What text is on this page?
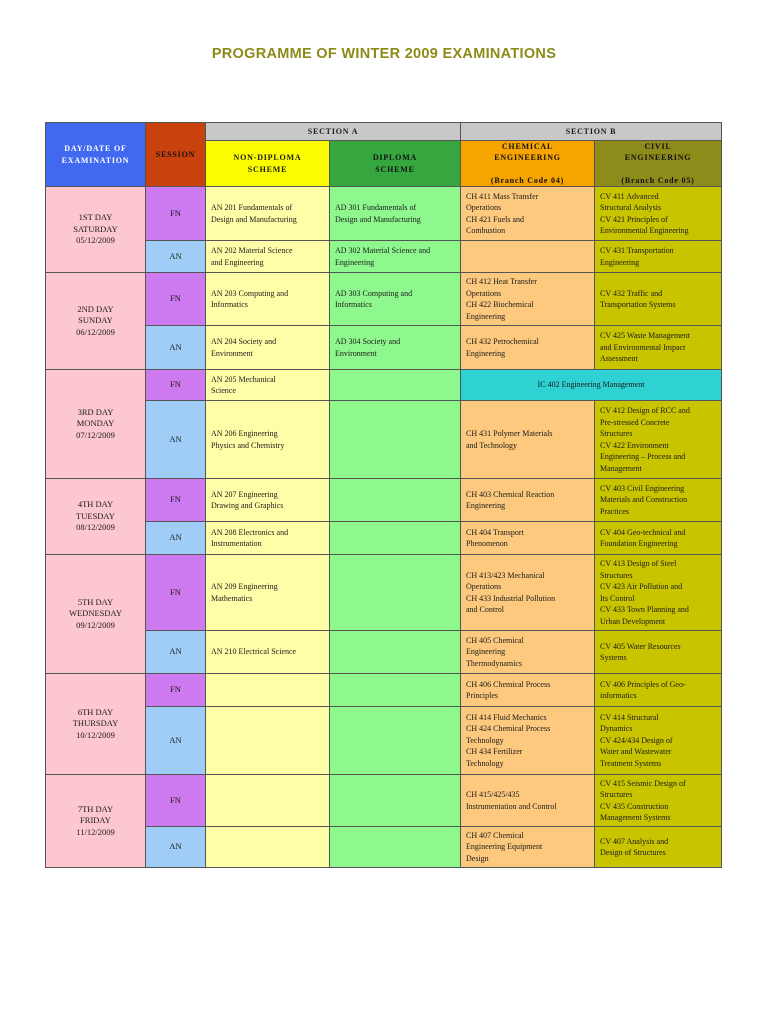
PROGRAMME OF WINTER 2009 EXAMINATIONS
DAY/DATE OF
EXAMINATION
SESSION
SECTION A	SECTION B
NON-DIPLOMA
SCHEME
DIPLOMA
SCHEME
CHEMICAL
ENGINEERING

(Branch Code 04)
CIVIL
ENGINEERING

(Branch Code 05)
1ST DAY
SATURDAY
05/12/2009
2ND DAY
SUNDAY
06/12/2009
3RD DAY
MONDAY
07/12/2009
4TH DAY
TUESDAY
08/12/2009
5TH DAY
WEDNESDAY
09/12/2009
6TH DAY
THURSDAY
10/12/2009
7TH DAY
FRIDAY
11/12/2009
FN
AN
FN
AN
FN
AN
FN
AN
FN
AN
FN
AN
FN
AN
AN 201 Fundamentals of
Design and Manufacturing
AN 202 Material Science
and Engineering
AN 203 Computing and
Informatics
AN 204 Society and
Environment
AN 205 Mechanical
Science
AN 206 Engineering
Physics and Chemistry
AN 207 Engineering
Drawing and Graphics
AN 208 Electronics and
Instrumentation
AN 209 Engineering
Mathematics
AN 210 Electrical Science
AD 301 Fundamentals of
Design and Manufacturing
AD 302 Material Science and
Engineering
AD 303 Computing and
Informatics
AD 304 Society and
Environment
CH 411 Mass Transfer
Operations
CH 421 Fuels and
Combustion
CH 412 Heat Transfer
Operations
CH 422 Biochemical
Engineering
CH 432 Petrochemical
Engineering
IC 402 Engineering Management
CH 431 Polymer Materials
and Technology
CH 403 Chemical Reaction
Engineering
CH 404 Transport
Phenomenon
CH 413/423 Mechanical
Operations
CH 433 Industrial Pollution
and Control
CH 405 Chemical
Engineering
Thermodynamics
CH 406 Chemical Process
Principles
CH 414 Fluid Mechanics
CH 424 Chemical Process
Technology
CH 434 Fertilizer
Technology
CH 415/425/435
Instrumentation and Control
CH 407 Chemical
Engineering Equipment
Design
CV 411 Advanced
Structural Analysis
CV 421 Principles of
Environmental Engineering
CV 431 Transportation
Engineering
CV 432 Traffic and
Transportation Systems
CV 425 Waste Management
and Environmental Impact
Assessment
CV 412 Design of RCC and
Pre-stressed Concrete
Structures
CV 422 Environment
Engineering – Process and
Management
CV 403 Civil Engineering
Materials and Construction
Practices
CV 404 Geo-technical and
Foundation Engineering
CV 413 Design of Steel
Structures
CV 423 Air Pollution and
Its Control
CV 433 Town Planning and
Urban Development
CV 405 Water Resources
Systems
CV 406 Principles of Geo-
informatics
CV 414 Structural
Dynamics
CV 424/434 Design of
Water and Wastewater
Treatment Systems
CV 415 Seismic Design of
Structures
CV 435 Construction
Management Systems
CV 407 Analysis and
Design of Structures
